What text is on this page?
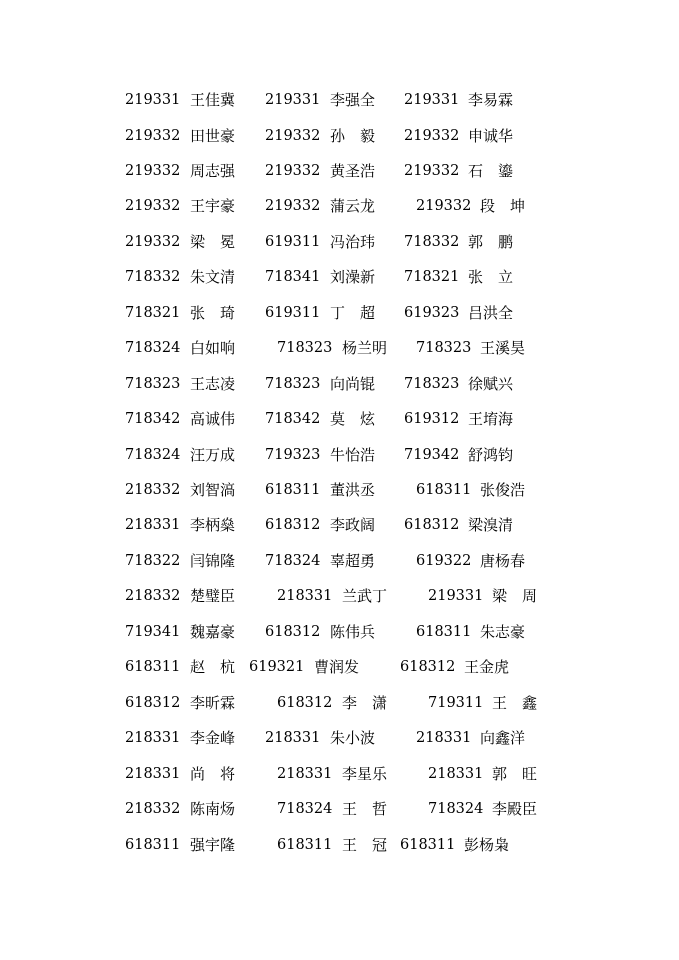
219331 王佳冀 219331 李强全 219331 李易霖
219332 田世豪 219332 孙　毅 219332 申诚华
219332 周志强 219332 黄圣浩 219332 石　鎏
219332 王宇豪 219332 蒲云龙	219332 段　坤
219332 梁　冕 619311 冯治玮 718332 郭　鹏
718332 朱文清 718341 刘澡新 718321 张　立
718321 张　琦 619311 丁　超 619323 吕洪全
718324 白如响	718323 杨兰明 718323 王溪昊
718323 王志凌 718323 向尚锟 718323 徐赋兴
718342 高诚伟 718342 莫　炫 619312 王堉海
718324 汪万成 719323 牛怡浩 719342 舒鸿钧
218332 刘智滈 618311 董洪丞	618311 张俊浩
218331 李柄燊 618312 李政阔 618312 梁溴清
718322 闫锦隆 718324 辜超勇	619322 唐杨春
218332 楚璧臣	218331 兰武丁	219331 梁　周
719341 魏嘉豪 618312 陈伟兵	618311 朱志豪
618311 赵　杭 619321 曹润发	618312 王金虎
618312 李昕霖	618312 李　潇	719311 王　鑫
218331 李金峰 218331 朱小波	218331 向鑫洋
218331 尚　将	218331 李星乐	218331 郭　旺
218332 陈南炀	718324 王　哲	718324 李殿臣
618311 强宇隆	618311 王　冠 618311 彭杨枭
